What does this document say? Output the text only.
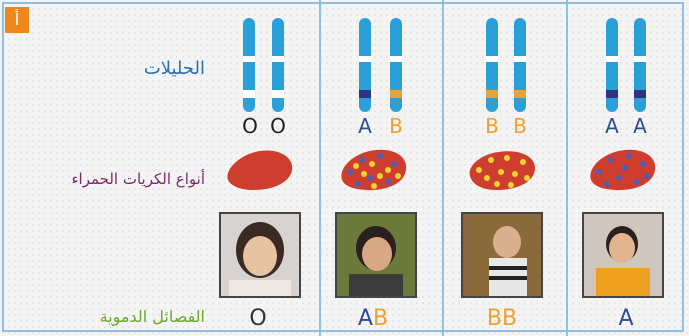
أ
الحليلات
أنواع الكريات الحمراء
الفصائل الدموية
O O
O
A B
AB
B B
BB
A A
A
